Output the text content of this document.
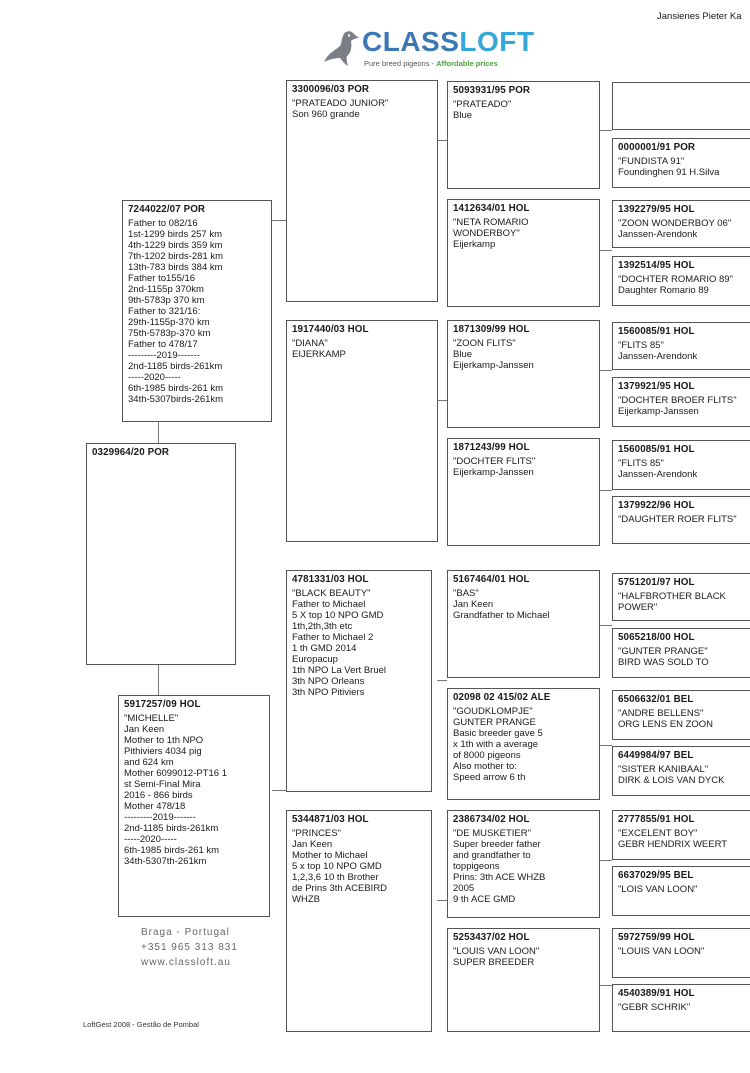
Jansienes Pieter Ka
CLASSLOFT
Pure breed pigeons - Affordable prices
0329964/20 POR
7244022/07 POR
Father to 082/16
1st-1299 birds 257 km
4th-1229 birds 359 km
7th-1202 birds-281 km
13th-783 birds 384 km
Father to155/16
2nd-1155p 370km
9th-5783p 370 km
Father to 321/16:
29th-1155p-370 km
75th-5783p-370 km
Father to 478/17
---------2019-------
2nd-1185 birds-261km
-----2020-----
6th-1985 birds-261 km
34th-5307birds-261km
5917257/09 HOL
"MICHELLE"
Jan Keen
Mother to 1th NPO
Pithiviers 4034 pig
and 624 km
Mother 6099012-PT16 1
st Semi-Final Mira
2016 - 866 birds
Mother 478/18
---------2019-------
2nd-1185 birds-261km
-----2020-----
6th-1985 birds-261 km
34th-5307th-261km
3300096/03 POR
"PRATEADO JUNIOR"
Son 960 grande
1917440/03 HOL
"DIANA"
EIJERKAMP
4781331/03 HOL
"BLACK BEAUTY"
Father to Michael
5 X top 10 NPO GMD
1th,2th,3th etc
Father to Michael 2
1 th GMD 2014
Europacup
1th NPO La Vert Bruel
3th NPO Orleans
3th NPO Pitiviers
5344871/03 HOL
"PRINCES"
Jan Keen
Mother to Michael
5 x top 10 NPO GMD
1,2,3,6 10 th Brother
de Prins 3th ACEBIRD
WHZB
5093931/95 POR
"PRATEADO"
Blue
1412634/01 HOL
"NETA ROMARIO
WONDERBOY"
Eijerkamp
1871309/99 HOL
"ZOON FLITS"
Blue
Eijerkamp-Janssen
1871243/99 HOL
"DOCHTER FLITS"
Eijerkamp-Janssen
5167464/01 HOL
"BAS"
Jan Keen
Grandfather to Michael
02098 02 415/02 ALE
"GOUDKLOMPJE"
GUNTER PRANGE
Basic breeder gave 5
x 1th with a average
of 8000 pigeons
Also mother to:
Speed arrow 6 th
2386734/02 HOL
"DE MUSKETIER"
Super breeder father
and grandfather to
toppigeons
Prins: 3th ACE WHZB
2005
9 th ACE GMD
5253437/02 HOL
"LOUIS VAN LOON"
SUPER BREEDER
0000001/91 POR
"FUNDISTA 91"
Foundinghen 91 H.Silva
1392279/95 HOL
"ZOON WONDERBOY 06"
Janssen-Arendonk
1392514/95 HOL
"DOCHTER ROMARIO 89"
Daughter Romario 89
1560085/91 HOL
"FLITS 85"
Janssen-Arendonk
1379921/95 HOL
"DOCHTER BROER FLITS"
Eijerkamp-Janssen
1560085/91 HOL
"FLITS 85"
Janssen-Arendonk
1379922/96 HOL
"DAUGHTER ROER FLITS"
5751201/97 HOL
"HALFBROTHER BLACK
POWER"
5065218/00 HOL
"GUNTER PRANGE"
BIRD WAS SOLD TO
6506632/01 BEL
"ANDRE BELLENS"
ORG LENS EN ZOON
6449984/97 BEL
"SISTER KANIBAAL"
DIRK & LOIS VAN DYCK
2777855/91 HOL
"EXCELENT BOY"
GEBR HENDRIX WEERT
6637029/95 BEL
"LOIS VAN LOON"
5972759/99 HOL
"LOUIS VAN LOON"
4540389/91 HOL
"GEBR SCHRIK"
Braga - Portugal
+351 965 313 831
www.classloft.au
LoftGest 2008 - Gestão de Pombal
